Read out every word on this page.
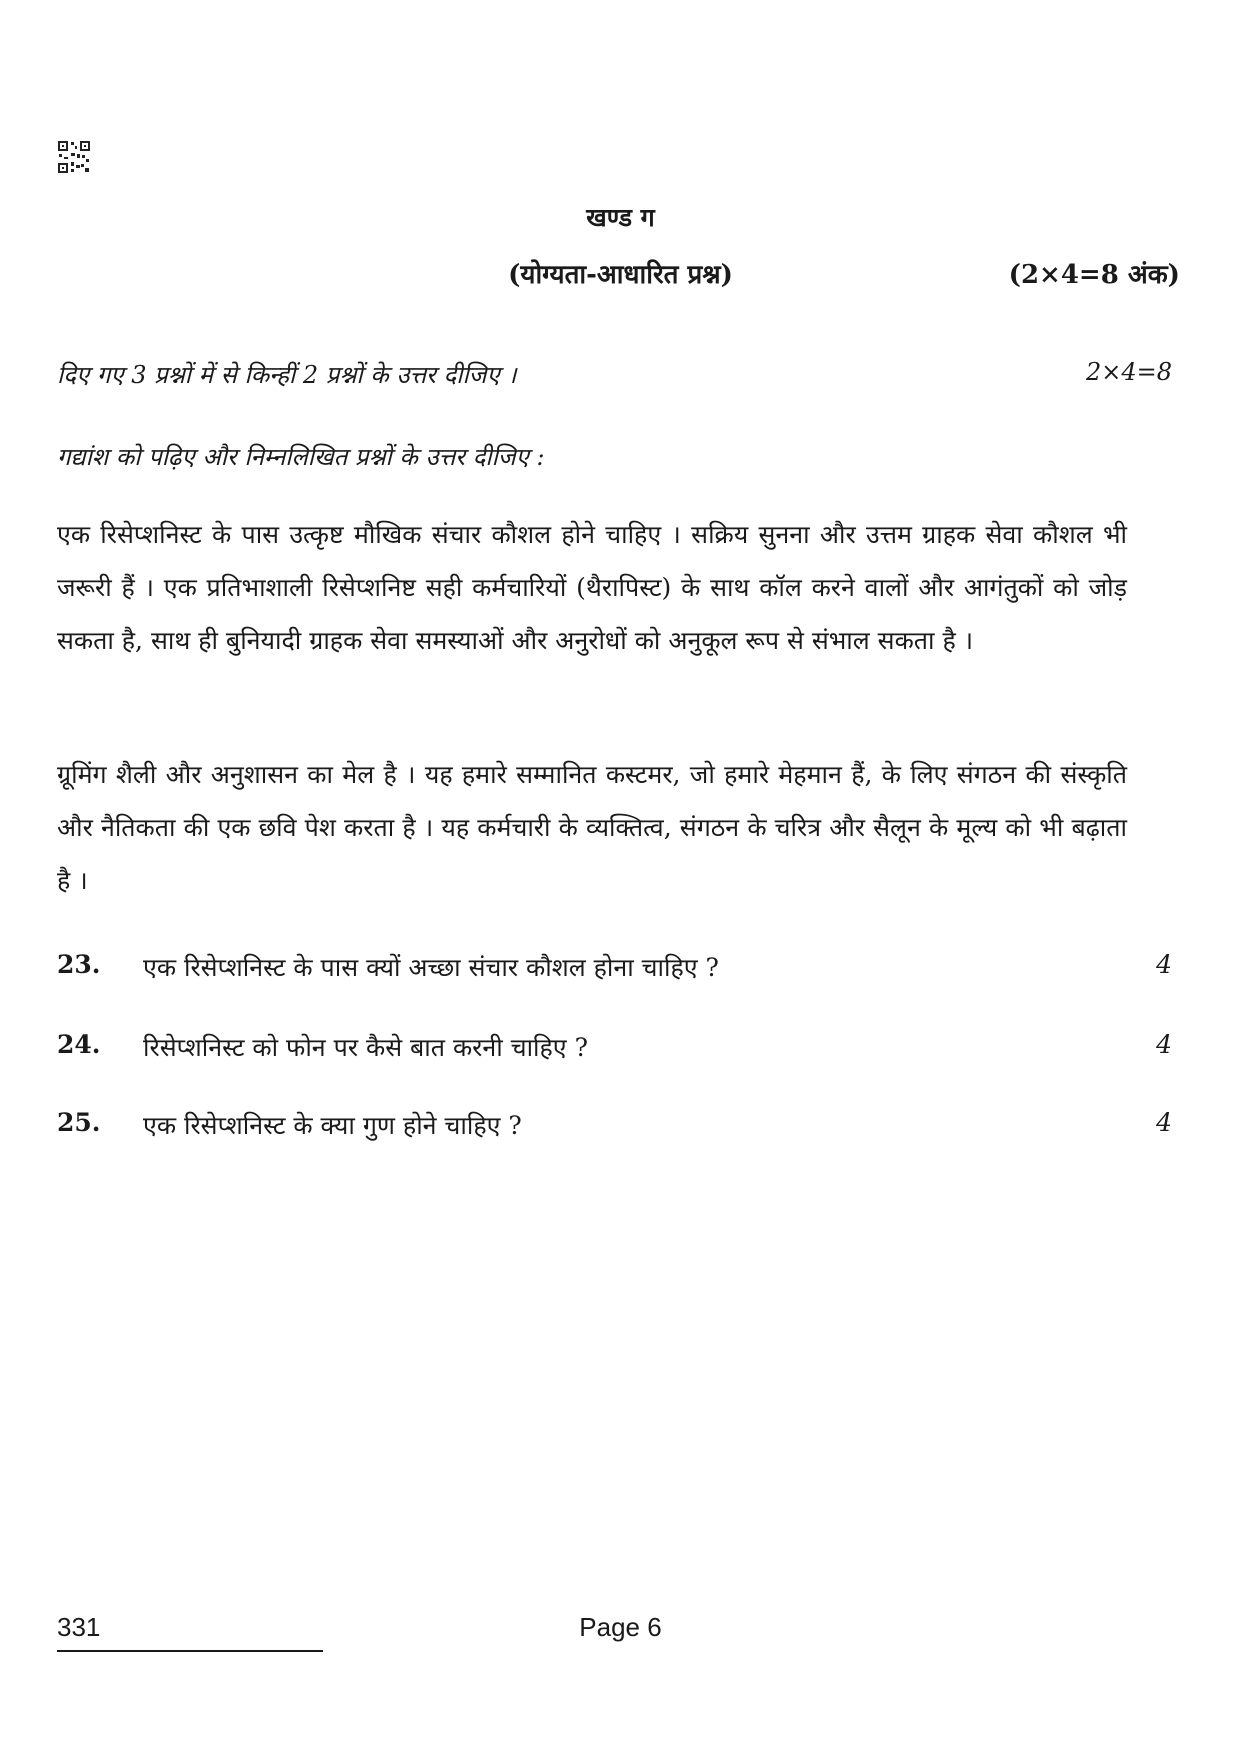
खण्ड ग
(योग्यता-आधारित प्रश्न)	(2×4=8 अंक)
दिए गए 3 प्रश्नों में से किन्हीं 2 प्रश्नों के उत्तर दीजिए ।	2×4=8
गद्यांश को पढ़िए और निम्नलिखित प्रश्नों के उत्तर दीजिए :

एक रिसेप्शनिस्ट के पास उत्कृष्ट मौखिक संचार कौशल होने चाहिए । सक्रिय सुनना और उत्तम ग्राहक सेवा कौशल भी जरूरी हैं । एक प्रतिभाशाली रिसेप्शनिष्ट सही कर्मचारियों (थैरापिस्ट) के साथ कॉल करने वालों और आगंतुकों को जोड़ सकता है, साथ ही बुनियादी ग्राहक सेवा समस्याओं और अनुरोधों को अनुकूल रूप से संभाल सकता है ।

ग्रूमिंग शैली और अनुशासन का मेल है । यह हमारे सम्मानित कस्टमर, जो हमारे मेहमान हैं, के लिए संगठन की संस्कृति और नैतिकता की एक छवि पेश करता है । यह कर्मचारी के व्यक्तित्व, संगठन के चरित्र और सैलून के मूल्य को भी बढ़ाता है ।

23. एक रिसेप्शनिस्ट के पास क्यों अच्छा संचार कौशल होना चाहिए ?	4
24. रिसेप्शनिस्ट को फोन पर कैसे बात करनी चाहिए ?	4
25. एक रिसेप्शनिस्ट के क्या गुण होने चाहिए ?	4
331	Page 6
